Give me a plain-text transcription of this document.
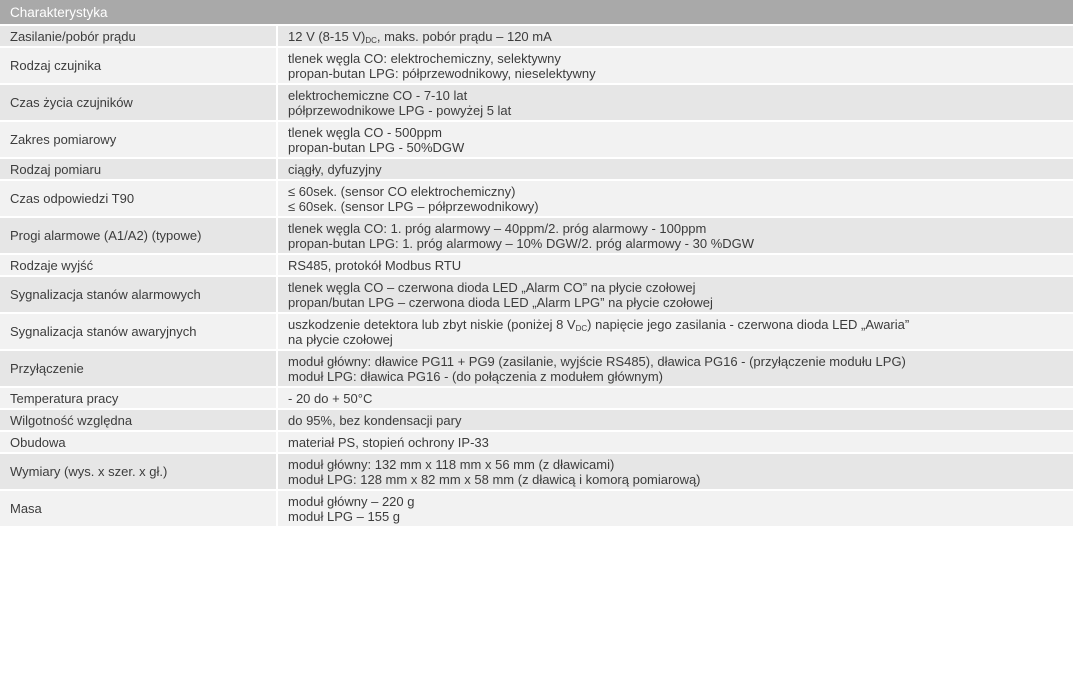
Charakterystyka	
Zasilanie/pobór prądu	12 V (8-15 $V)_{DC}$, maks. pobór prądu – 120 mA

Rodzaj czujnika	tlenek węgla CO: elektrochemiczny, selektywny
propan-butan LPG: półprzewodnikowy, nieselektywny

Czas życia czujników	elektrochemiczne CO - 7-10 lat
półprzewodnikowe LPG - powyżej 5 lat

Zakres pomiarowy	tlenek węgla CO - 500ppm
propan-butan LPG - 50%DGW

Rodzaj pomiaru	ciągły, dyfuzyjny

Czas odpowiedzi T90	≤ 60sek. (sensor CO elektrochemiczny)
≤ 60sek. (sensor LPG – półprzewodnikowy)

Progi alarmowe (A1/A2) (typowe)	tlenek węgla CO: 1. próg alarmowy – 40ppm/2. próg alarmowy - 100ppm
propan-butan LPG: 1. próg alarmowy – 10% DGW/2. próg alarmowy - 30 %DGW

Rodzaje wyjść	RS485, protokół Modbus RTU

Sygnalizacja stanów alarmowych	tlenek węgla CO – czerwona dioda LED „Alarm CO” na płycie czołowej
propan/butan LPG – czerwona dioda LED „Alarm LPG” na płycie czołowej

Sygnalizacja stanów awaryjnych	uszkodzenie detektora lub zbyt niskie (poniżej 8 $V_{DC}$) napięcie jego zasilania - czerwona dioda LED „Awaria”
na płycie czołowej

Przyłączenie	moduł główny: dławice PG11 + PG9 (zasilanie, wyjście RS485), dławica PG16 - (przyłączenie modułu LPG)
moduł LPG: dławica PG16 - (do połączenia z modułem głównym)

Temperatura pracy	- 20 do + 50°C

Wilgotność względna	do 95%, bez kondensacji pary

Obudowa	materiał PS, stopień ochrony IP-33

Wymiary (wys. x szer. x gł.)	moduł główny: 132 mm x 118 mm x 56 mm (z dławicami)
moduł LPG: 128 mm x 82 mm x 58 mm (z dławicą i komorą pomiarową)

Masa	moduł główny – 220 g
moduł LPG – 155 g
